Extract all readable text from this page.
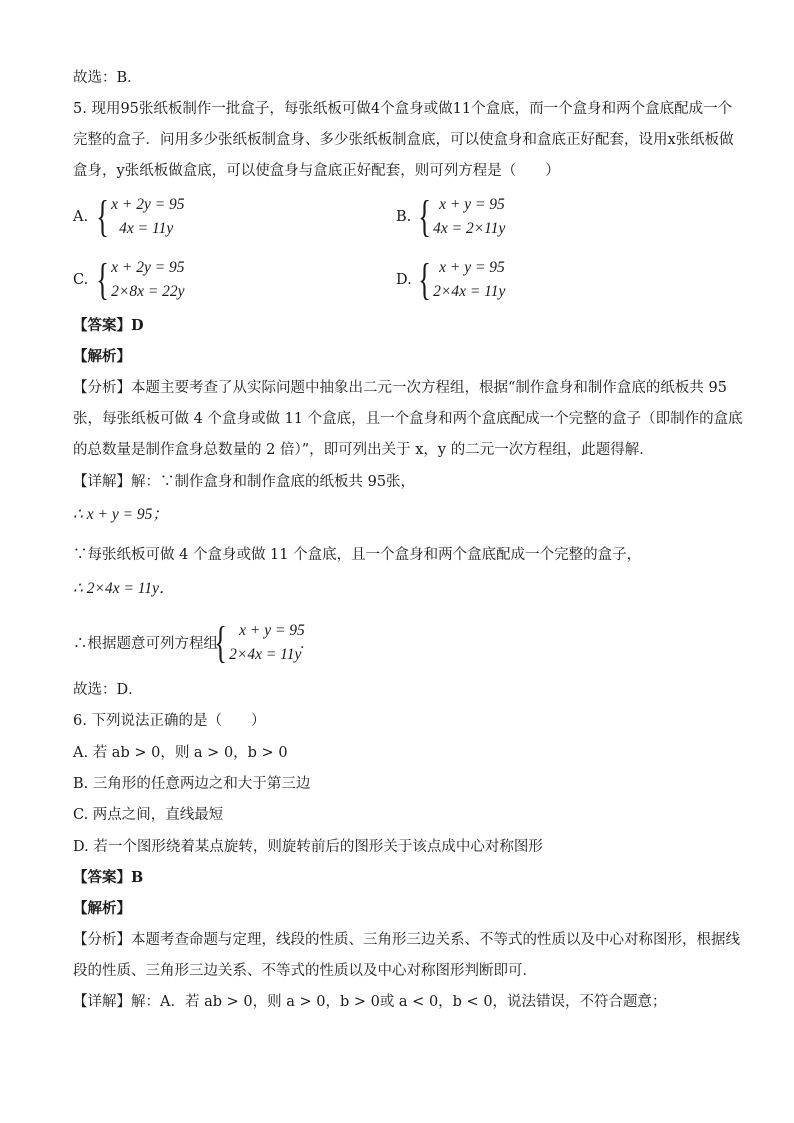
故选：B．
5. 现用95张纸板制作一批盒子，每张纸板可做4个盒身或做11个盒底，而一个盒身和两个盒底配成一个
完整的盒子．问用多少张纸板制盒身、多少张纸板制盒底，可以使盒身和盒底正好配套，设用x张纸板做
盒身，y张纸板做盒底，可以使盒身与盒底正好配套，则可列方程是（　　）
A. { x + 2y = 95
4x = 11y
B. { x + y = 95
4x = 2×11y
C. { x + 2y = 95
2×8x = 22y
D. { x + y = 95
2×4x = 11y
【答案】D
【解析】
【分析】本题主要考查了从实际问题中抽象出二元一次方程组，根据“制作盒身和制作盒底的纸板共 95
张，每张纸板可做 4 个盒身或做 11 个盒底，且一个盒身和两个盒底配成一个完整的盒子（即制作的盒底
的总数量是制作盒身总数量的 2 倍）”，即可列出关于 x，y 的二元一次方程组，此题得解．
【详解】解：∵制作盒身和制作盒底的纸板共 95张，
∴ x + y = 95；
∵每张纸板可做 4 个盒身或做 11 个盒底，且一个盒身和两个盒底配成一个完整的盒子，
∴ 2×4x = 11y．
∴根据题意可列方程组
{ x + y = 95
2×4x = 11y
．
故选：D．
6. 下列说法正确的是（　　）
A. 若 ab > 0，则 a > 0，b > 0
B. 三角形的任意两边之和大于第三边
C. 两点之间，直线最短
D. 若一个图形绕着某点旋转，则旋转前后的图形关于该点成中心对称图形
【答案】B
【解析】
【分析】本题考查命题与定理，线段的性质、三角形三边关系、不等式的性质以及中心对称图形，根据线
段的性质、三角形三边关系、不等式的性质以及中心对称图形判断即可．
【详解】解：A．若 ab > 0，则 a > 0，b > 0或 a < 0，b < 0，说法错误，不符合题意；
